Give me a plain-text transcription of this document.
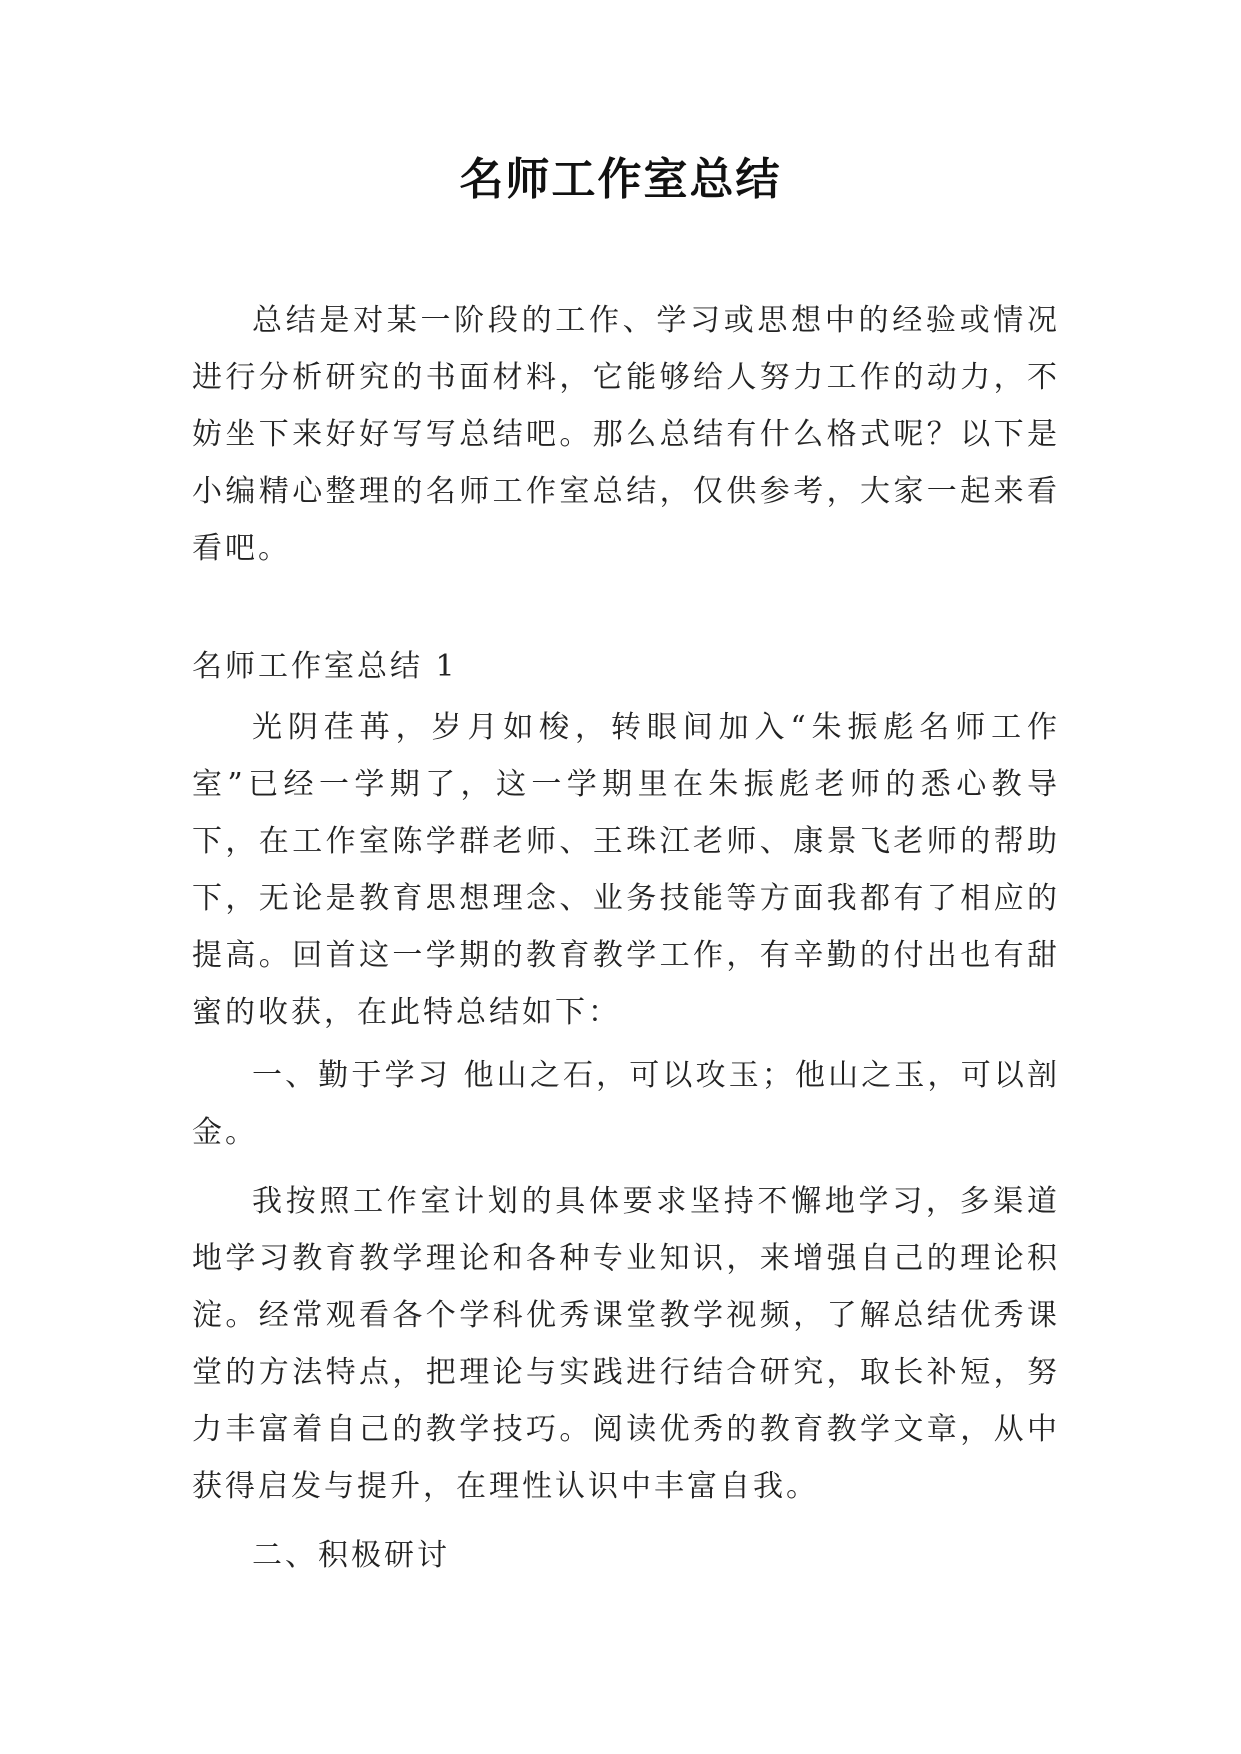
名师工作室总结

总结是对某一阶段的工作、学习或思想中的经验或情况进行分析研究的书面材料，它能够给人努力工作的动力，不妨坐下来好好写写总结吧。那么总结有什么格式呢？以下是小编精心整理的名师工作室总结，仅供参考，大家一起来看看吧。

名师工作室总结 1

光阴荏苒，岁月如梭，转眼间加入“朱振彪名师工作室”已经一学期了，这一学期里在朱振彪老师的悉心教导下，在工作室陈学群老师、王珠江老师、康景飞老师的帮助下，无论是教育思想理念、业务技能等方面我都有了相应的提高。回首这一学期的教育教学工作，有辛勤的付出也有甜蜜的收获，在此特总结如下：

一、勤于学习 他山之石，可以攻玉；他山之玉，可以剖金。

我按照工作室计划的具体要求坚持不懈地学习，多渠道地学习教育教学理论和各种专业知识，来增强自己的理论积淀。经常观看各个学科优秀课堂教学视频，了解总结优秀课堂的方法特点，把理论与实践进行结合研究，取长补短，努力丰富着自己的教学技巧。阅读优秀的教育教学文章，从中获得启发与提升，在理性认识中丰富自我。

二、积极研讨
